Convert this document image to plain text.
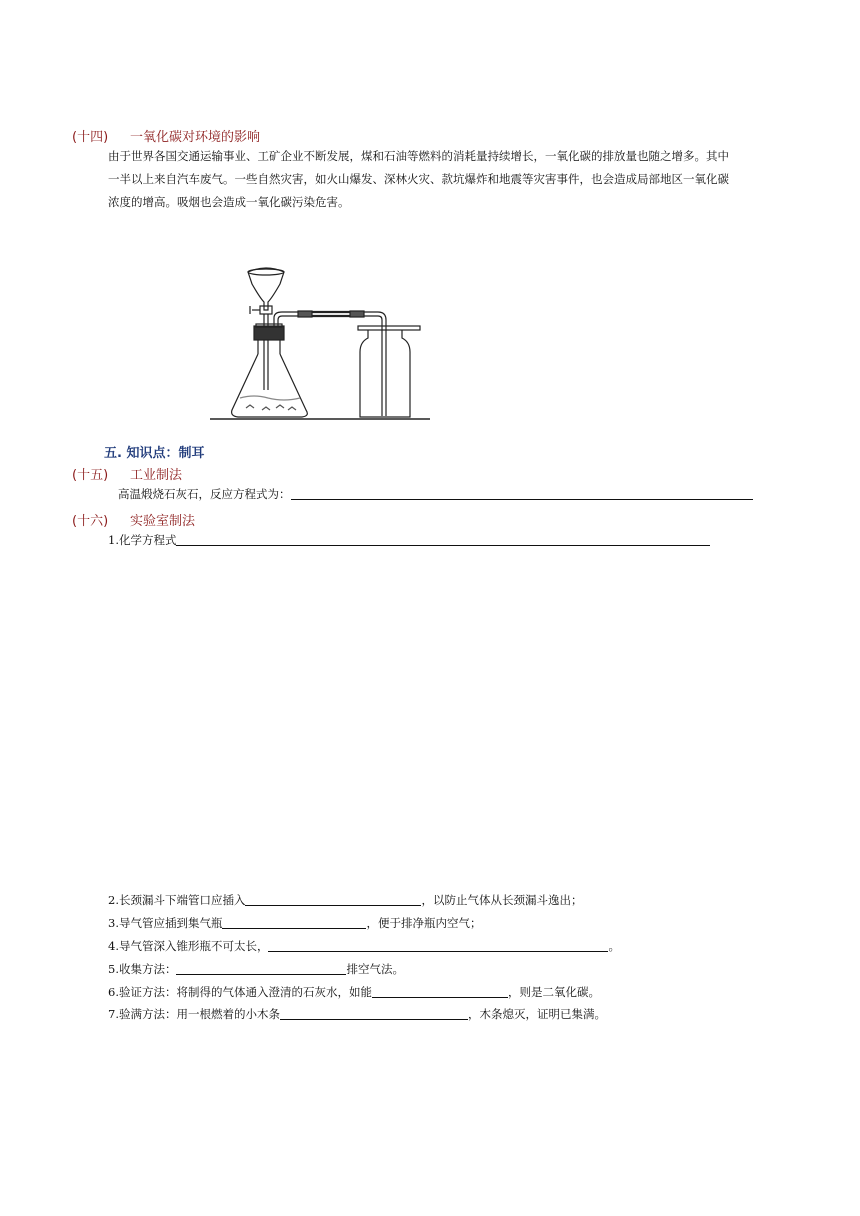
(十四) 一氧化碳对环境的影响
由于世界各国交通运输事业、工矿企业不断发展，煤和石油等燃料的消耗量持续增长，一氧化碳的排放量也随之增多。其中
一半以上来自汽车废气。一些自然灾害，如火山爆发、深林火灾、款坑爆炸和地震等灾害事件，也会造成局部地区一氧化碳
浓度的增高。吸烟也会造成一氧化碳污染危害。
五. 知识点：制耳
(十五) 工业制法
高温煅烧石灰石，反应方程式为：
(十六) 实验室制法
1.化学方程式
2.长颈漏斗下端管口应插入	，以防止气体从长颈漏斗逸出；
3.导气管应插到集气瓶	，便于排净瓶内空气；
4.导气管深入锥形瓶不可太长，	。
5.收集方法：	排空气法。
6.验证方法：将制得的气体通入澄清的石灰水，如能	，则是二氧化碳。
7.验满方法：用一根燃着的小木条	，木条熄灭，证明已集满。
